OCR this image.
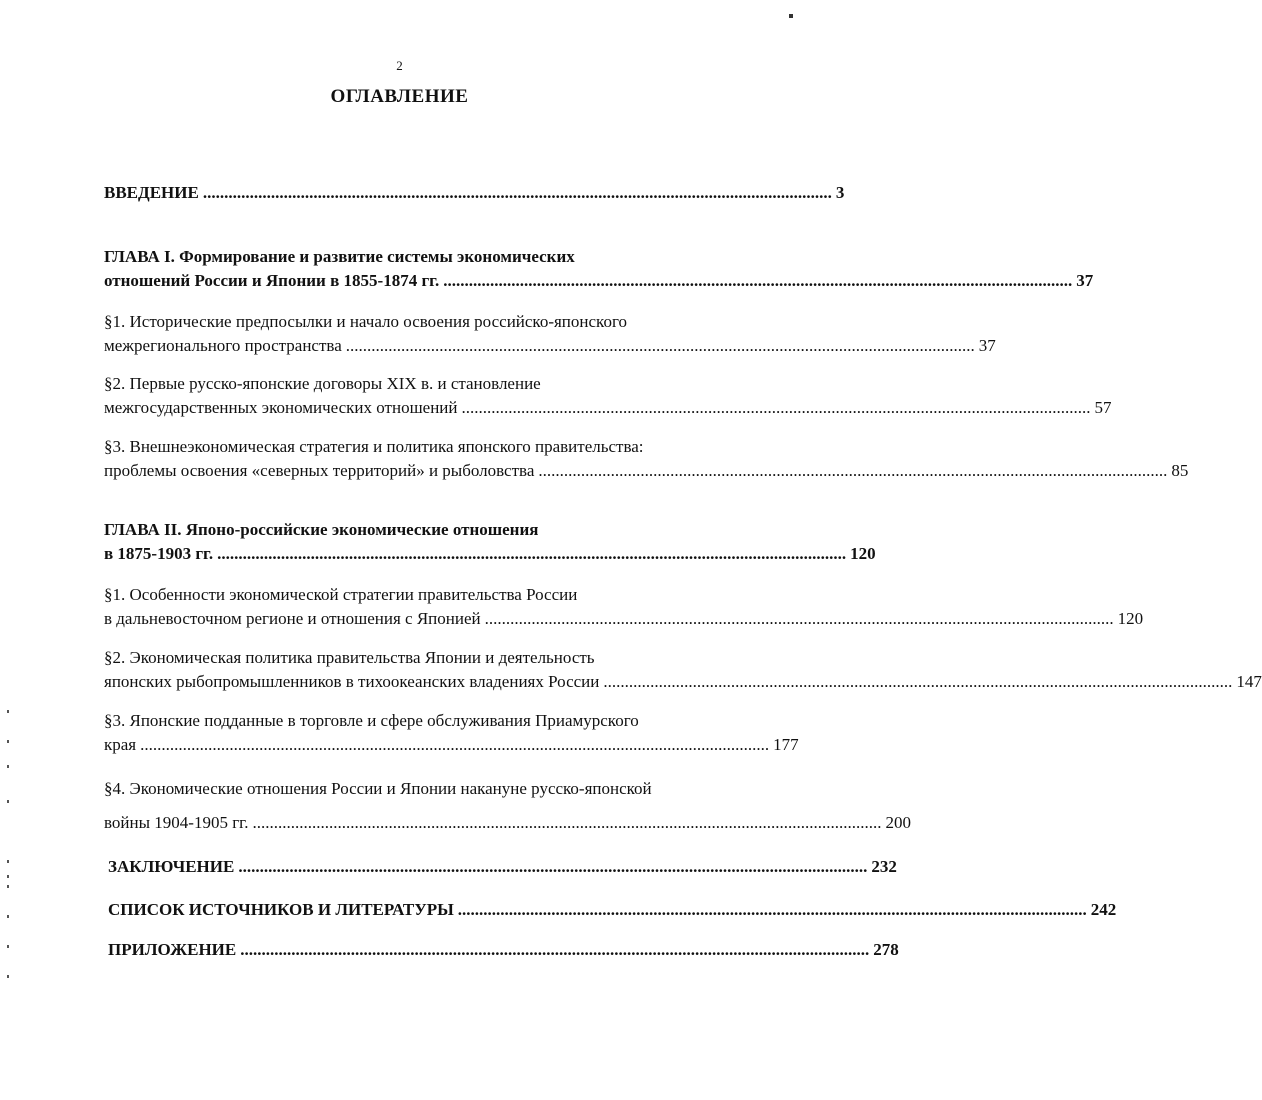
2
ОГЛАВЛЕНИЕ
ВВЕДЕНИЕ .................................................................................................................................................... 3
ГЛАВА I. Формирование и развитие системы экономических
отношений России и Японии в 1855-1874 гг. .................................................................................................................................................... 37
§1. Исторические предпосылки и начало освоения российско-японского
межрегионального пространства .................................................................................................................................................... 37
§2. Первые русско-японские договоры XIX в. и становление
межгосударственных экономических отношений .................................................................................................................................................... 57
§3. Внешнеэкономическая стратегия и политика японского правительства:
проблемы освоения «северных территорий» и рыболовства .................................................................................................................................................... 85
ГЛАВА II. Японо-российские экономические отношения
в 1875-1903 гг. .................................................................................................................................................... 120
§1. Особенности экономической стратегии правительства России
в дальневосточном регионе и отношения с Японией .................................................................................................................................................... 120
§2. Экономическая политика правительства Японии и деятельность
японских рыбопромышленников в тихоокеанских владениях России .................................................................................................................................................... 147
§3. Японские подданные в торговле и сфере обслуживания Приамурского
края .................................................................................................................................................... 177
§4. Экономические отношения России и Японии накануне русско-японской
войны 1904-1905 гг. .................................................................................................................................................... 200
ЗАКЛЮЧЕНИЕ .................................................................................................................................................... 232
СПИСОК ИСТОЧНИКОВ И ЛИТЕРАТУРЫ .................................................................................................................................................... 242
ПРИЛОЖЕНИЕ .................................................................................................................................................... 278
